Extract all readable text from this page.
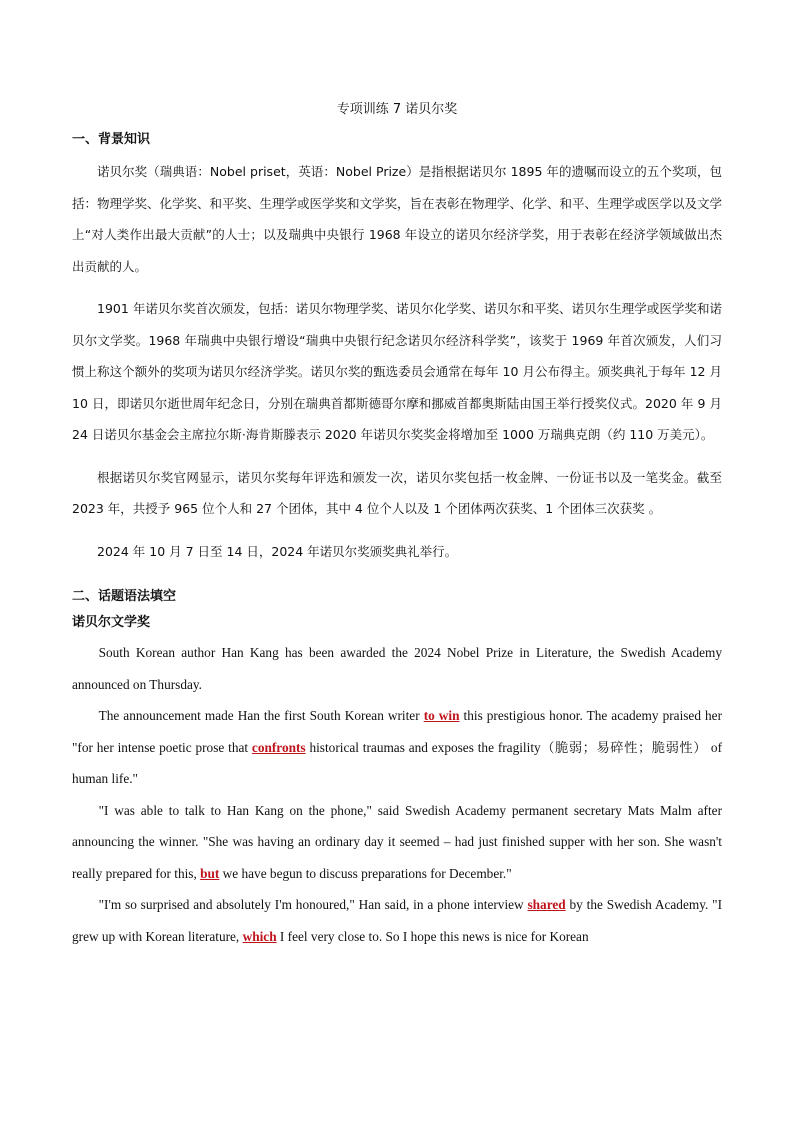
专项训练 7 诺贝尔奖
一、背景知识

诺贝尔奖（瑞典语：Nobel priset，英语：Nobel Prize）是指根据诺贝尔 1895 年的遗嘱而设立的五个奖项，包括：物理学奖、化学奖、和平奖、生理学或医学奖和文学奖，旨在表彰在物理学、化学、和平、生理学或医学以及文学上“对人类作出最大贡献”的人士；以及瑞典中央银行 1968 年设立的诺贝尔经济学奖，用于表彰在经济学领域做出杰出贡献的人。

1901 年诺贝尔奖首次颁发，包括：诺贝尔物理学奖、诺贝尔化学奖、诺贝尔和平奖、诺贝尔生理学或医学奖和诺贝尔文学奖。1968 年瑞典中央银行增设“瑞典中央银行纪念诺贝尔经济科学奖”，该奖于 1969 年首次颁发，人们习惯上称这个额外的奖项为诺贝尔经济学奖。诺贝尔奖的甄选委员会通常在每年 10 月公布得主。颁奖典礼于每年 12 月 10 日，即诺贝尔逝世周年纪念日，分别在瑞典首都斯德哥尔摩和挪威首都奥斯陆由国王举行授奖仪式。2020 年 9 月 24 日诺贝尔基金会主席拉尔斯·海肯斯滕表示 2020 年诺贝尔奖奖金将增加至 1000 万瑞典克朗（约 110 万美元）。

根据诺贝尔奖官网显示，诺贝尔奖每年评选和颁发一次，诺贝尔奖包括一枚金牌、一份证书以及一笔奖金。截至 2023 年，共授予 965 位个人和 27 个团体，其中 4 位个人以及 1 个团体两次获奖、1 个团体三次获奖 。

2024 年 10 月 7 日至 14 日，2024 年诺贝尔奖颁奖典礼举行。

二、话题语法填空
诺贝尔文学奖

South Korean author Han Kang has been awarded the 2024 Nobel Prize in Literature, the Swedish Academy announced on Thursday.

The announcement made Han the first South Korean writer to win this prestigious honor. The academy praised her "for her intense poetic prose that confronts historical traumas and exposes the fragility（脆弱；易碎性；脆弱性） of human life."

"I was able to talk to Han Kang on the phone," said Swedish Academy permanent secretary Mats Malm after announcing the winner. "She was having an ordinary day it seemed – had just finished supper with her son. She wasn't really prepared for this, but we have begun to discuss preparations for December."

"I'm so surprised and absolutely I'm honoured," Han said, in a phone interview shared by the Swedish Academy. "I grew up with Korean literature, which I feel very close to. So I hope this news is nice for Korean
